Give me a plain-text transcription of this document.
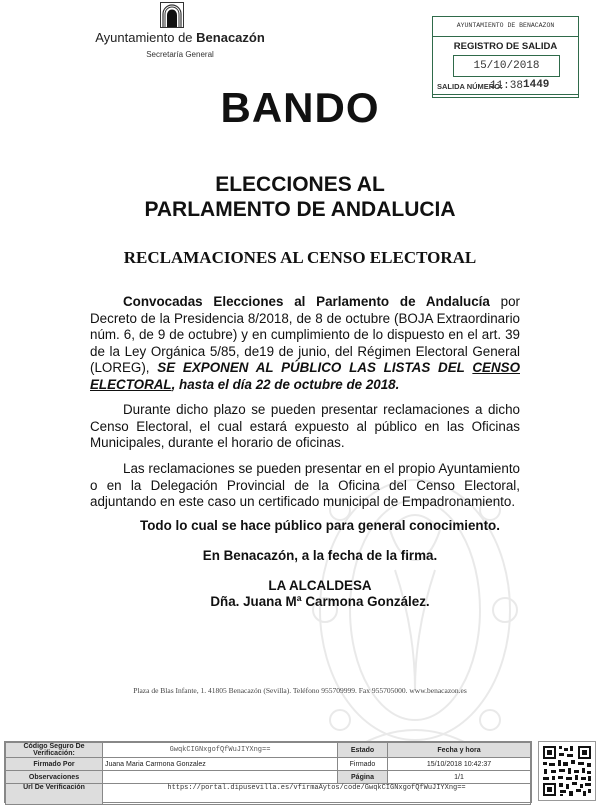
Ayuntamiento de Benacazón
Secretaría General
AYUNTAMIENTO DE BENACAZON
REGISTRO DE SALIDA
15/10/2018 11:38
SALIDA NÚMERO: 1449
BANDO
ELECCIONES AL
PARLAMENTO DE ANDALUCIA
RECLAMACIONES AL CENSO ELECTORAL
Convocadas Elecciones al Parlamento de Andalucía por Decreto de la Presidencia 8/2018, de 8 de octubre (BOJA Extraordinario núm. 6, de 9 de octubre) y en cumplimiento de lo dispuesto en el art. 39 de la Ley Orgánica 5/85, de19 de junio, del Régimen Electoral General (LOREG), SE EXPONEN AL PÚBLICO LAS LISTAS DEL CENSO ELECTORAL, hasta el día 22 de octubre de 2018.
Durante dicho plazo se pueden presentar reclamaciones a dicho Censo Electoral, el cual estará expuesto al público en las Oficinas Municipales, durante el horario de oficinas.
Las reclamaciones se pueden presentar en el propio Ayuntamiento o en la Delegación Provincial de la Oficina del Censo Electoral, adjuntando en este caso un certificado municipal de Empadronamiento.
Todo lo cual se hace público para general conocimiento.
En Benacazón, a la fecha de la firma.
LA ALCALDESA
Dña. Juana Mª Carmona González.
Plaza de Blas Infante, 1. 41805 Benacazón (Sevilla). Teléfono 955709999. Fax 955705000. www.benacazon.es
Código Seguro De Verificación:	GwqkCIGNxgofQfWuJIYXng==	Estado	Fecha y hora
Firmado Por	Juana Maria Carmona Gonzalez	Firmado	15/10/2018 10:42:37
Observaciones		Página	1/1
Url De Verificación	https://portal.dipusevilla.es/vfirmaAytos/code/GwqkCIGNxgofQfWuJIYXng==		
